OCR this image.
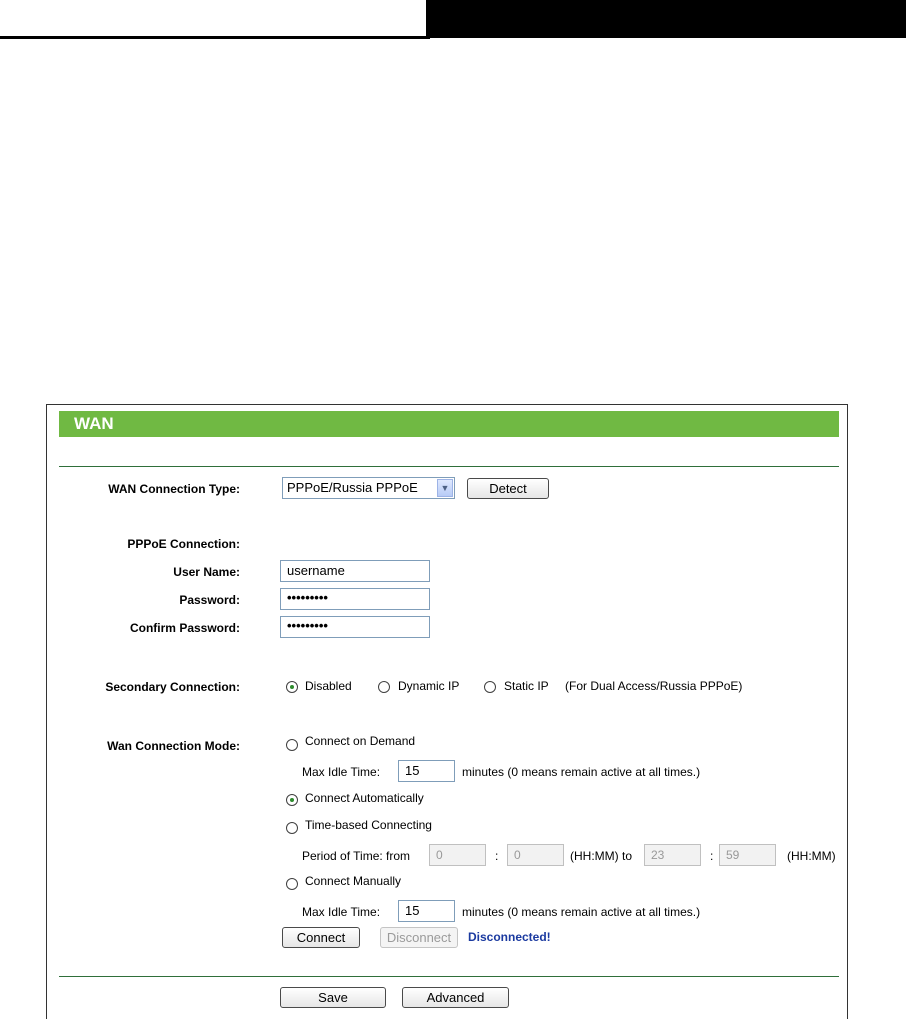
WAN
WAN Connection Type:	PPPoE/Russia PPPoE	▼	Detect
PPPoE Connection:
User Name:	username
Password:	•••••••••
Confirm Password:	•••••••••
Secondary Connection:	Disabled	Dynamic IP	Static IP (For Dual Access/Russia PPPoE)
Wan Connection Mode:	Connect on Demand
Max Idle Time:	15	minutes (0 means remain active at all times.)
Connect Automatically
Time-based Connecting
Period of Time: from	0	:	0	(HH:MM) to	23	:	59	(HH:MM)
Connect Manually
Max Idle Time:	15	minutes (0 means remain active at all times.)
Connect	Disconnect	Disconnected!
Save	Advanced
